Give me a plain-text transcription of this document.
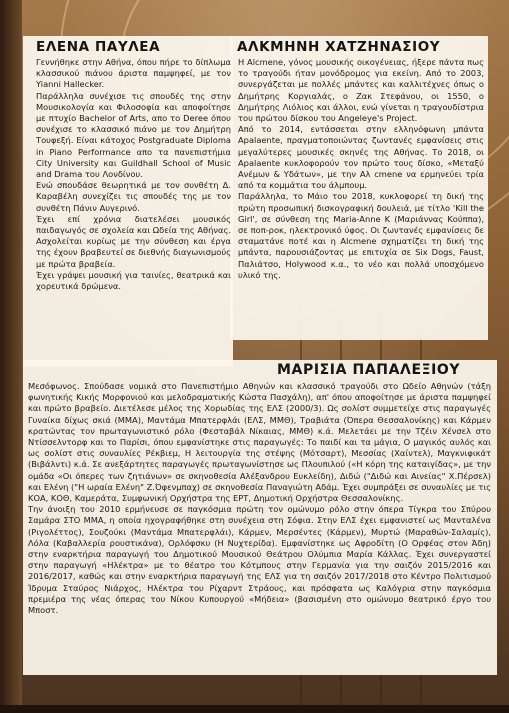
ΕΛΕΝΑ ΠΑΥΛΕΑ

Γεννήθηκε στην Αθήνα, όπου πήρε το δίπλωμα κλασσικού πιάνου άριστα παμψηφεί, με τον Yianni Hallecker.

Παράλληλα συνέχισε τις σπουδές της στην Μουσικολογία και Φιλοσοφία και αποφοίτησε με πτυχίο Bachelor of Arts, απο το Deree όπου συνέχισε το κλασσικό πιάνο με τον Δημήτρη Τουφεξή. Είναι κάτοχος Postgraduate Diploma in Piano Performance απο τα πανεπιστήμια City University και Guildhall School of Music and Drama του Λονδίνου.

Ενώ σπουδάσε θεωρητικά με τον συνθέτη Δ. Καραβέλη συνεχίζει τις σπουδές της με τον συνθέτη Πάνιν Αυγερινό.

Έχει επί χρόνια διατελέσει μουσικός παιδαγωγός σε σχολεία και Ωδεία της Αθήνας.

Ασχολείται κυρίως με την σύνθεση και έργα της έχουν βραβευτεί σε διεθνής διαγωνισμούς με πρώτα βραβεία.

Έχει γράψει μουσική για ταινίες, θεατρικά και χορευτικά δρώμενα.

ΑΛΚΜΗΝΗ ΧΑΤΖΗΝΑΣΙΟΥ

Η Alcmene, γόνος μουσικής οικογένειας, ήξερε πάντα πως το τραγούδι ήταν μονόδρομος για εκείνη. Από το 2003, συνεργάζεται με πολλές μπάντες και καλλιτέχνες όπως ο Δημήτρης Κοργιαλάς, ο Ζακ Στεφάνου, οι 1550, ο Δημήτρης Λιόλιος και άλλοι, ενώ γίνεται η τραγουδίστρια του πρώτου δίσκου του Angeleye's Project.

Από το 2014, εντάσσεται στην ελληνόφωνη μπάντα Apalaente, πραγματοποιώντας ζωντανές εμφανίσεις στις μεγαλύτερες μουσικές σκηνές της Αθήνας. Το 2018, οι Apalaente κυκλοφορούν τον πρώτο τους δίσκο, «Μεταξύ Ανέμων & Υδάτων», με την Αλ cmene να ερμηνεύει τρία από τα κομμάτια του άλμπουμ.

Παράλληλα, το Μάιο του 2018, κυκλοφορεί τη δική της πρώτη προσωπική δισκογραφική δουλειά, με τίτλο 'Kill the Girl', σε σύνθεση της Maria-Anne K (Μαριάννας Κούππα), σε ποπ-ροκ, ηλεκτρονικό ύφος. Οι ζωντανές εμφανίσεις δε σταματάνε ποτέ και η Alcmene σχηματίζει τη δική της μπάντα, παρουσιάζοντας με επιτυχία σε Six Dogs, Faust, Παλιάτσο, Holywood κ.α., το νέο και πολλά υποσχόμενο υλικό της.

ΜΑΡΙΣΙΑ ΠΑΠΑΛΕΞΙΟΥ

Μεσόφωνος. Σπούδασε νομικά στο Πανεπιστήμιο Αθηνών και κλασσικό τραγούδι στο Ωδείο Αθηνών (τάξη φωνητικής Κικής Μορφονιού και μελοδραματικής Κώστα Πασχάλη), απ' όπου αποφοίτησε με άριστα παμψηφεί και πρώτο βραβείο. Διετέλεσε μέλος της Χορωδίας της ΕΛΣ (2000/3). Ως σολίστ συμμετείχε στις παραγωγές Γυναίκα δίχως σκιά (ΜΜΑ), Μαντάμα Μπατερφλάι (ΕΛΣ, ΜΜΘ), Τραβιάτα (Όπερα Θεσσαλονίκης) και Κάρμεν κρατώντας τον πρωταγωνιστικό ρόλο (Φεσταβάλ Νίκαιας, ΜΜΘ) κ.ά. Μελετάει με την Τζέιν Χένσελ στο Ντίσσελντορφ και το Παρίσι, όπου εμφανίστηκε στις παραγωγές: Το παιδί και τα μάγια, Ο μαγικός αυλός και ως σολίστ στις συναυλίες Ρέκβιεμ, Η λειτουργία της στέψης (Μότσαρτ), Μεσσίας (Χαίντελ), Μαγκνιφικάτ (Βιβάλντι) κ.ά. Σε ανεξάρτητες παραγωγές πρωταγωνίστησε ως Πλουπιλού («Η κόρη της καταιγίδας», με την ομάδα «Οι όπερες των ζητιάνων» σε σκηνοθεσία Αλέξανδρου Ευκλείδη), Διδώ ("Διδώ και Αινείας" Χ.Πέρσελ) και Ελένη ("Η ωραία Ελένη" Ζ.Όφενμπαχ) σε σκηνοθεσία Παναγιώτη Αδάμ. Έχει συμπράξει σε συναυλίες με τις ΚΟΑ, ΚΟΘ, Καμεράτα, Συμφωνική Ορχήστρα της ΕΡΤ, Δημοτική Ορχήστρα Θεσσαλονίκης.

Την άνοιξη του 2010 ερμήνευσε σε παγκόσμια πρώτη τον ομώνυμο ρόλο στην όπερα Τίγκρα του Σπύρου Σαμάρα ΣΤΟ ΜΜΑ, η οποία ηχογραφήθηκε στη συνέχεια στη Σόφια. Στην ΕΛΣ έχει εμφανιστεί ως Μανταλένα (Ριγολέττος), Σουζούκι (Μαντάμα Μπατερφλάι), Κάρμεν, Μερσέντες (Κάρμεν), Μυρτώ (Μαραθών-Σαλαμίς), Λόλα (Καβαλλερία ρουστικάνα), Ορλόφσκυ (Η Νυχτερίδα). Εμφανίστηκε ως Αφροδίτη (Ο Ορφέας στον Άδη) στην εναρκτήρια παραγωγή του Δημοτικού Μουσικού Θεάτρου Ολύμπια Μαρία Κάλλας. Έχει συνεργαστεί στην παραγωγή «Ηλέκτρα» με το θέατρο του Κότμπους στην Γερμανία για την σαιζόν 2015/2016 και 2016/2017, καθώς και στην εναρκτήρια παραγωγή της ΕΛΣ για τη σαιζόν 2017/2018 στο Κέντρο Πολιτισμού Ίδρυμα Σταύρος Νιάρχος, Ηλέκτρα του Ρίχαρντ Στράους, και πρόσφατα ως Καλόγρια στην παγκόσμια πρεμιέρα της νέας όπερας του Νίκου Κυπουργού «Μήδεια» (βασισμένη στο ομώνυμο θεατρικό έργο του Μποστ.
